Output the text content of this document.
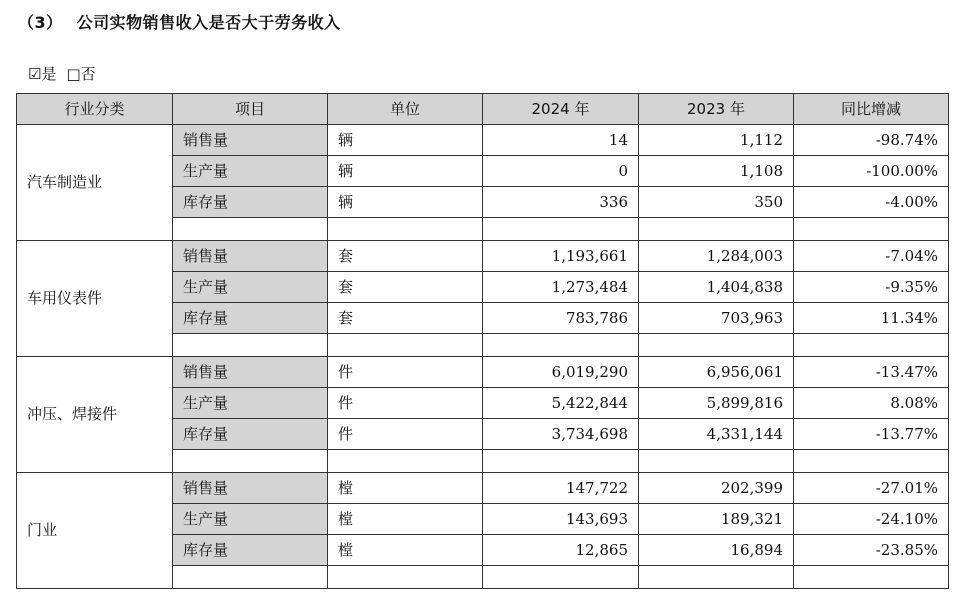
（3） 公司实物销售收入是否大于劳务收入
☑是 □否
行业分类	项目	单位	2024 年	2023 年	同比增减
汽车制造业	销售量	辆	14	1,112	-98.74%
	生产量	辆	0	1,108	-100.00%
	库存量	辆	336	350	-4.00%

车用仪表件	销售量	套	1,193,661	1,284,003	-7.04%
	生产量	套	1,273,484	1,404,838	-9.35%
	库存量	套	783,786	703,963	11.34%

冲压、焊接件	销售量	件	6,019,290	6,956,061	-13.47%
	生产量	件	5,422,844	5,899,816	8.08%
	库存量	件	3,734,698	4,331,144	-13.77%

门业	销售量	樘	147,722	202,399	-27.01%
	生产量	樘	143,693	189,321	-24.10%
	库存量	樘	12,865	16,894	-23.85%
